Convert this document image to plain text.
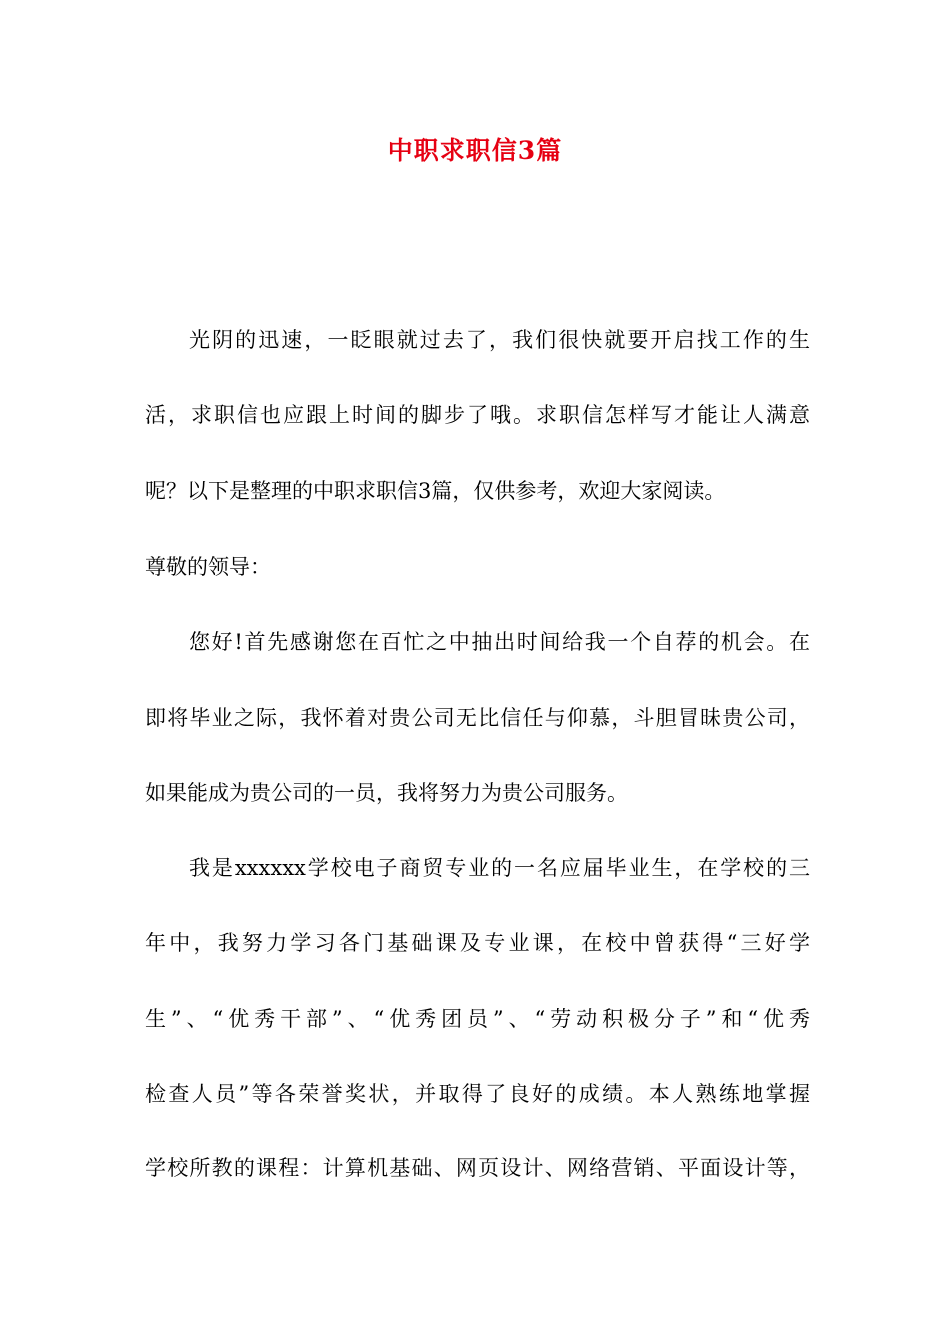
中职求职信3篇
光阴的迅速，一眨眼就过去了，我们很快就要开启找工作的生
活，求职信也应跟上时间的脚步了哦。求职信怎样写才能让人满意
呢？以下是整理的中职求职信3篇，仅供参考，欢迎大家阅读。
尊敬的领导：
您好!首先感谢您在百忙之中抽出时间给我一个自荐的机会。在
即将毕业之际，我怀着对贵公司无比信任与仰慕，斗胆冒昧贵公司，
如果能成为贵公司的一员，我将努力为贵公司服务。
我是xxxxxx学校电子商贸专业的一名应届毕业生，在学校的三
年中，我努力学习各门基础课及专业课，在校中曾获得“三好学
生”、“优秀干部”、“优秀团员”、“劳动积极分子”和“优秀
检查人员”等各荣誉奖状，并取得了良好的成绩。本人熟练地掌握
学校所教的课程：计算机基础、网页设计、网络营销、平面设计等，
